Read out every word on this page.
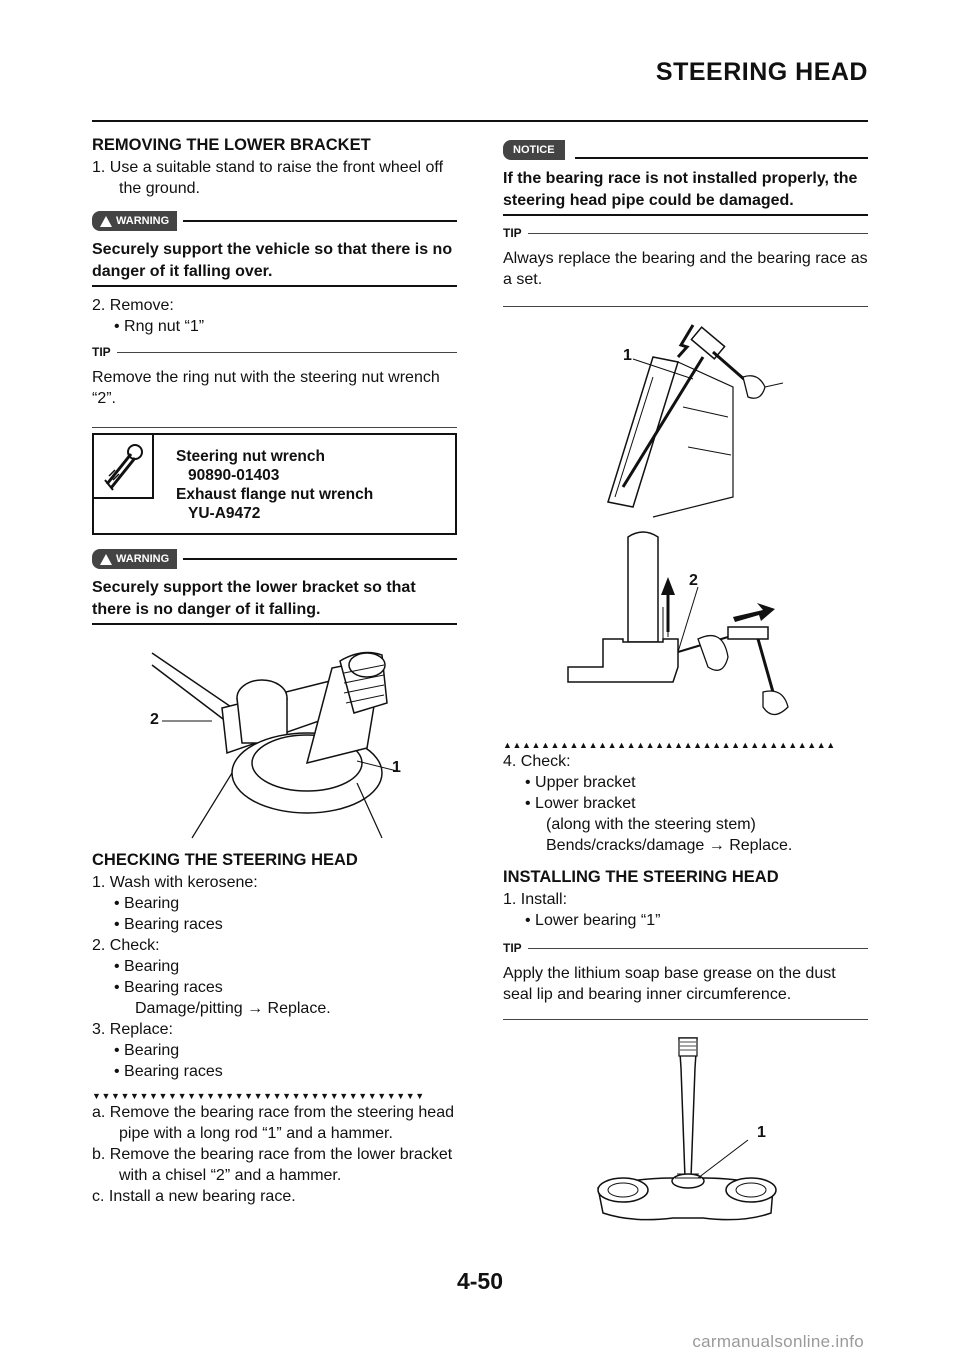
STEERING HEAD
REMOVING THE LOWER BRACKET
1. Use a suitable stand to raise the front wheel off the ground.
WARNING
Securely support the vehicle so that there is no danger of it falling over.
2. Remove:
• Rng nut “1”
TIP
Remove the ring nut with the steering nut wrench “2”.
Steering nut wrench
90890-01403
Exhaust flange nut wrench
YU-A9472
WARNING
Securely support the lower bracket so that there is no danger of it falling.
2
1
CHECKING THE STEERING HEAD
1. Wash with kerosene:
• Bearing
• Bearing races
2. Check:
• Bearing
• Bearing races
Damage/pitting → Replace.
3. Replace:
• Bearing
• Bearing races
▼▼▼▼▼▼▼▼▼▼▼▼▼▼▼▼▼▼▼▼▼▼▼▼▼▼▼▼▼▼▼▼▼▼▼
a. Remove the bearing race from the steering head pipe with a long rod “1” and a hammer.
b. Remove the bearing race from the lower bracket with a chisel “2” and a hammer.
c. Install a new bearing race.
NOTICE
If the bearing race is not installed properly, the steering head pipe could be damaged.
TIP
Always replace the bearing and the bearing race as a set.
1
2
▲▲▲▲▲▲▲▲▲▲▲▲▲▲▲▲▲▲▲▲▲▲▲▲▲▲▲▲▲▲▲▲▲▲▲
4. Check:
• Upper bracket
• Lower bracket
(along with the steering stem)
Bends/cracks/damage → Replace.
INSTALLING THE STEERING HEAD
1. Install:
• Lower bearing “1”
TIP
Apply the lithium soap base grease on the dust seal lip and bearing inner circumference.
1
4-50
carmanualsonline.info
